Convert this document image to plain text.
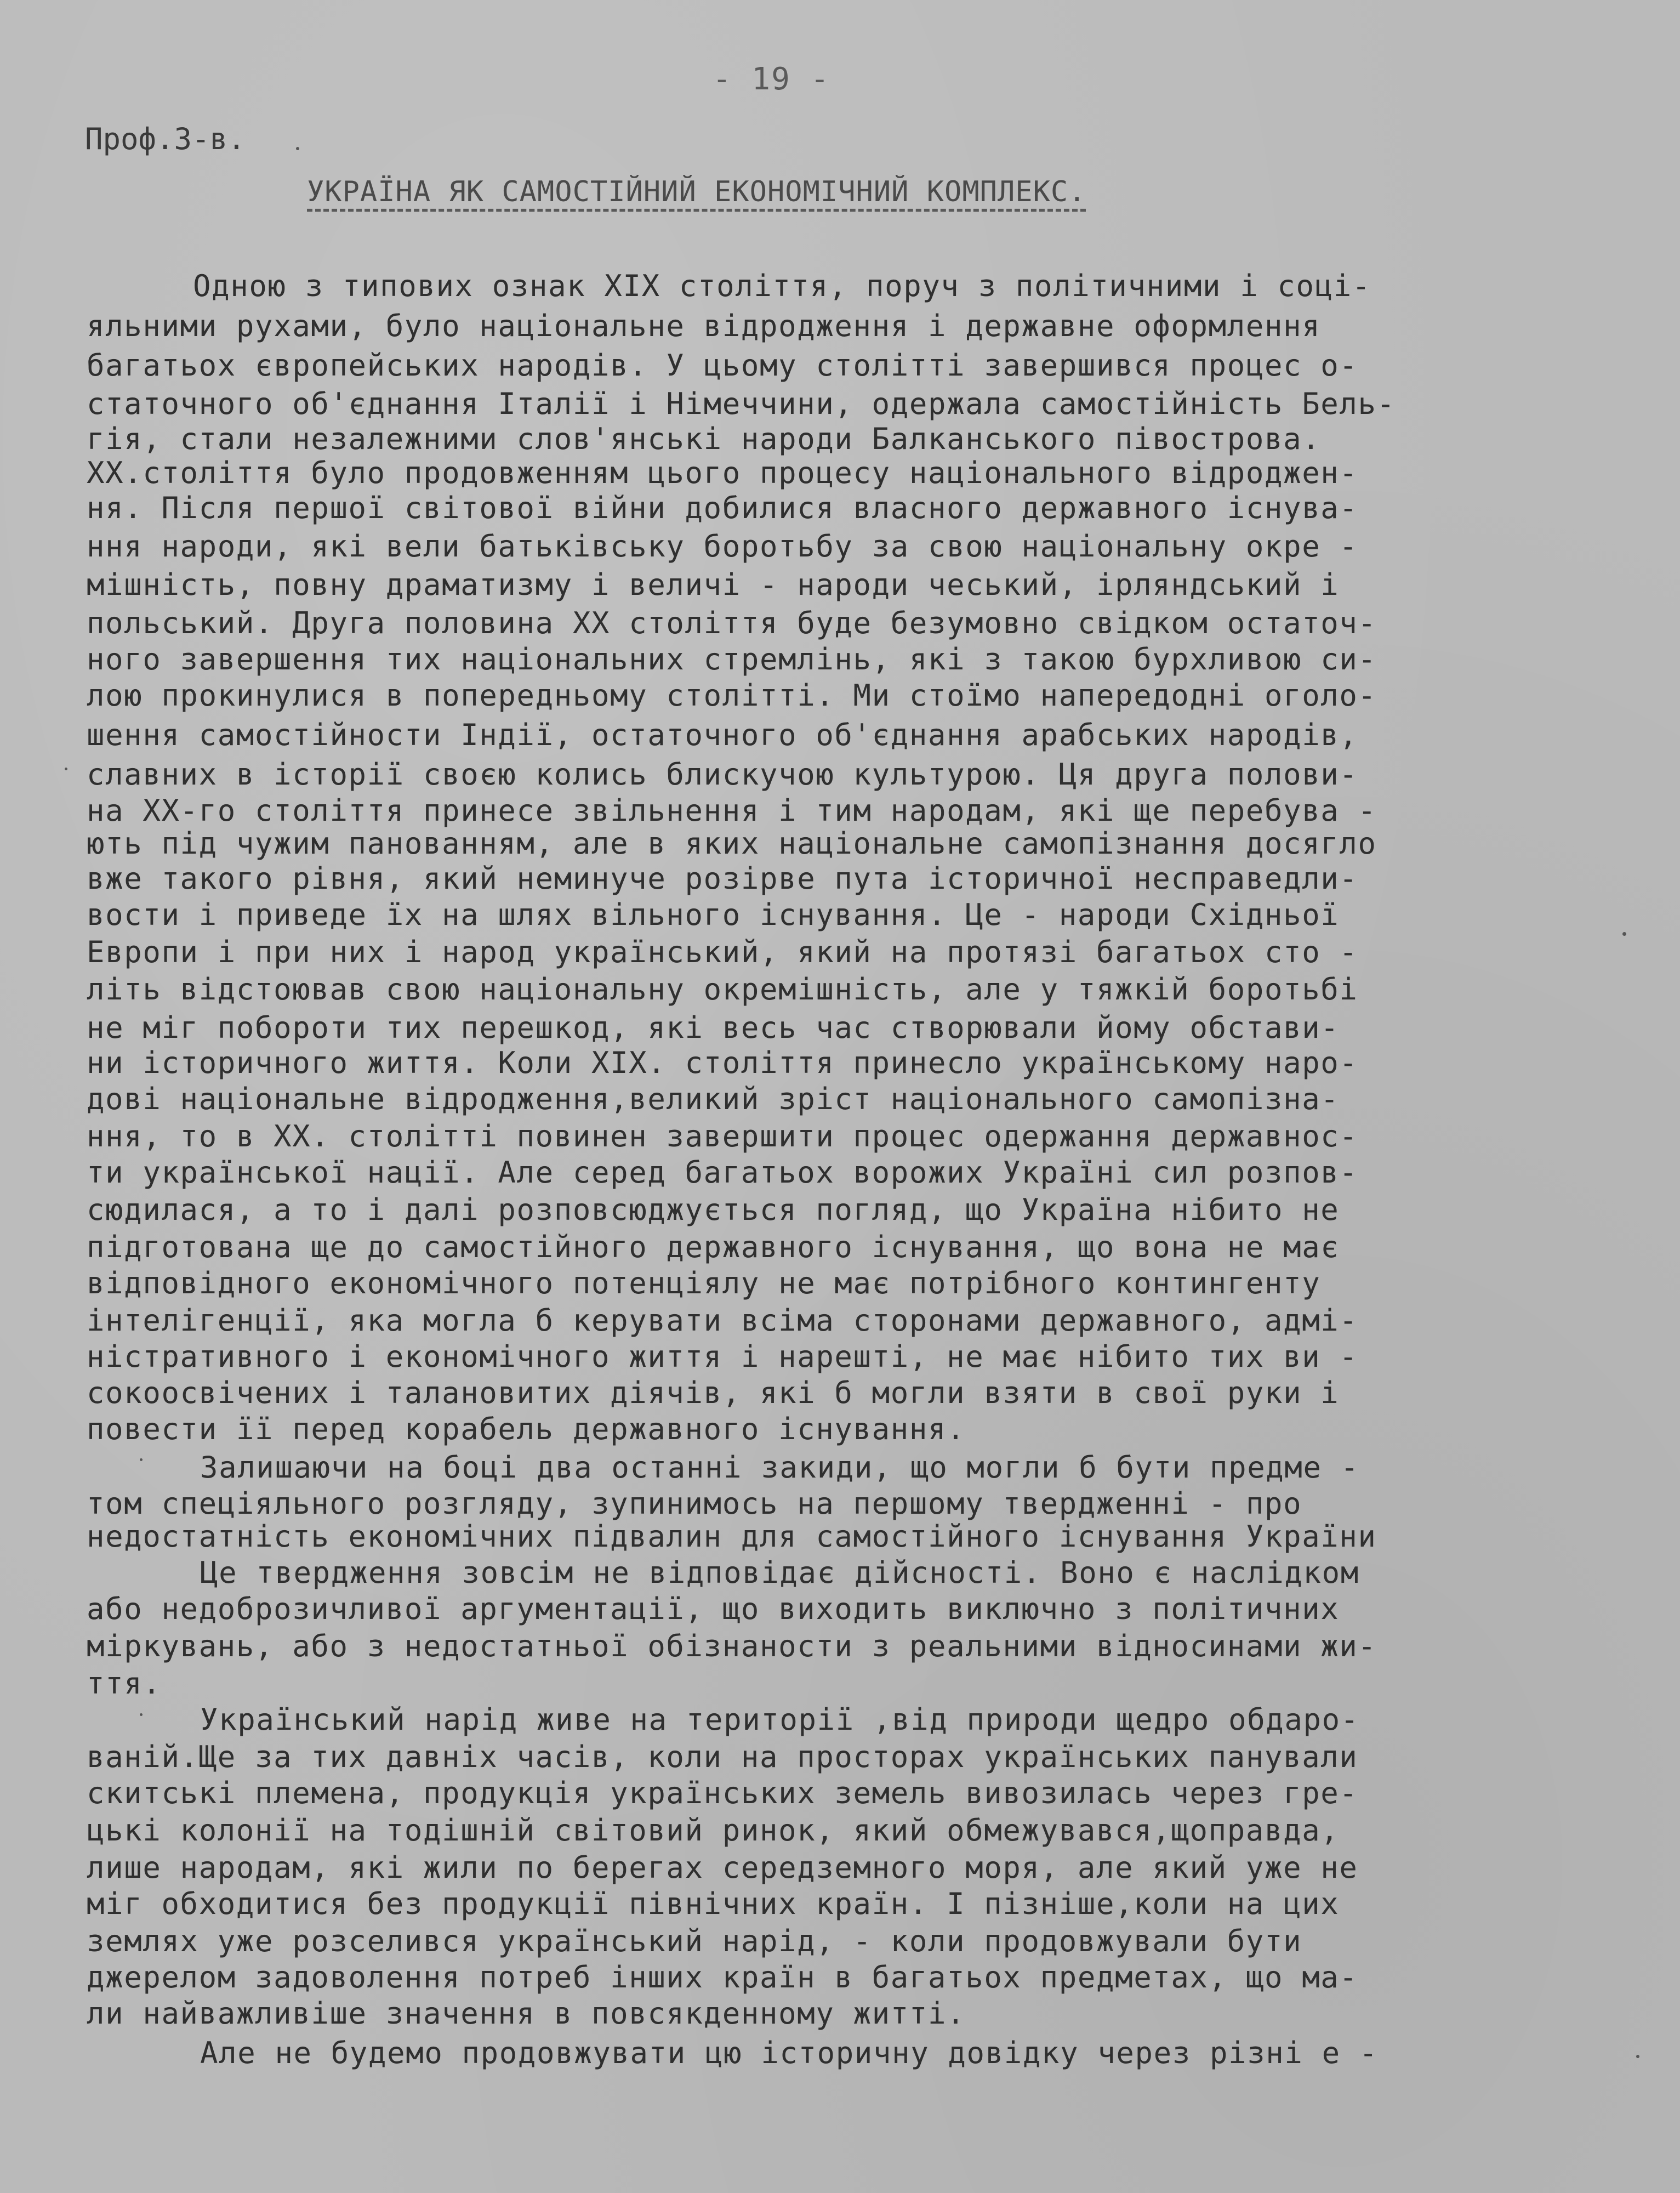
- 19 -
Проф.З-в.
УКРАЇНА ЯК САМОСТІЙНИЙ ЕКОНОМІЧНИЙ КОМПЛЕКС.
Одною з типових ознак XIX століття, поруч з політичними і соці-
яльними рухами, було національне відродження і державне оформлення
багатьох європейських народів. У цьому столітті завершився процес о-
статочного об'єднання Італії і Німеччини, одержала самостійність Бель-
гія, стали незалежними слов'янські народи Балканського півострова.
XX.століття було продовженням цього процесу національного відроджен-
ня. Після першої світової війни добилися власного державного існува-
ння народи, які вели батьківську боротьбу за свою національну окре -
мішність, повну драматизму і величі - народи чеський, ірляндський і
польський. Друга половина XX століття буде безумовно свідком остаточ-
ного завершення тих національних стремлінь, які з такою бурхливою си-
лою прокинулися в попередньому столітті. Ми стоїмо напередодні оголо-
шення самостійности Індії, остаточного об'єднання арабських народів,
славних в історії своєю колись блискучою культурою. Ця друга полови-
на XX-го століття принесе звільнення і тим народам, які ще перебува -
ють під чужим панованням, але в яких національне самопізнання досягло
вже такого рівня, який неминуче розірве пута історичної несправедли-
вости і приведе їх на шлях вільного існування. Це - народи Східньої
Европи і при них і народ український, який на протязі багатьох сто -
літь відстоював свою національну окремішність, але у тяжкій боротьбі
не міг побороти тих перешкод, які весь час створювали йому обстави-
ни історичного життя. Коли XIX. століття принесло українському наро-
дові національне відродження,великий зріст національного самопізна-
ння, то в XX. столітті повинен завершити процес одержання державнос-
ти української нації. Але серед багатьох ворожих Україні сил розпов-
сюдилася, а то і далі розповсюджується погляд, що Україна нібито не
підготована ще до самостійного державного існування, що вона не має
відповідного економічного потенціялу не має потрібного контингенту
інтелігенції, яка могла б керувати всіма сторонами державного, адмі-
ністративного і економічного життя і нарешті, не має нібито тих ви -
сокоосвічених і талановитих діячів, які б могли взяти в свої руки і
повести її перед корабель державного існування.
Залишаючи на боці два останні закиди, що могли б бути предме -
том спеціяльного розгляду, зупинимось на першому твердженні - про
недостатність економічних підвалин для самостійного існування України
Це твердження зовсім не відповідає дійсності. Воно є наслідком
або недоброзичливої аргументації, що виходить виключно з політичних
міркувань, або з недостатньої обізнаности з реальними відносинами жи-
ття.
Український нарід живе на території ,від природи щедро обдаро-
ваній.Ще за тих давніх часів, коли на просторах українських панували
скитські племена, продукція українських земель вивозилась через гре-
цькі колонії на тодішній світовий ринок, який обмежувався,щоправда,
лише народам, які жили по берегах середземного моря, але який уже не
міг обходитися без продукції північних країн. І пізніше,коли на цих
землях уже розселився український нарід, - коли продовжували бути
джерелом задоволення потреб інших країн в багатьох предметах, що ма-
ли найважливіше значення в повсякденному житті.
Але не будемо продовжувати цю історичну довідку через різні е -
